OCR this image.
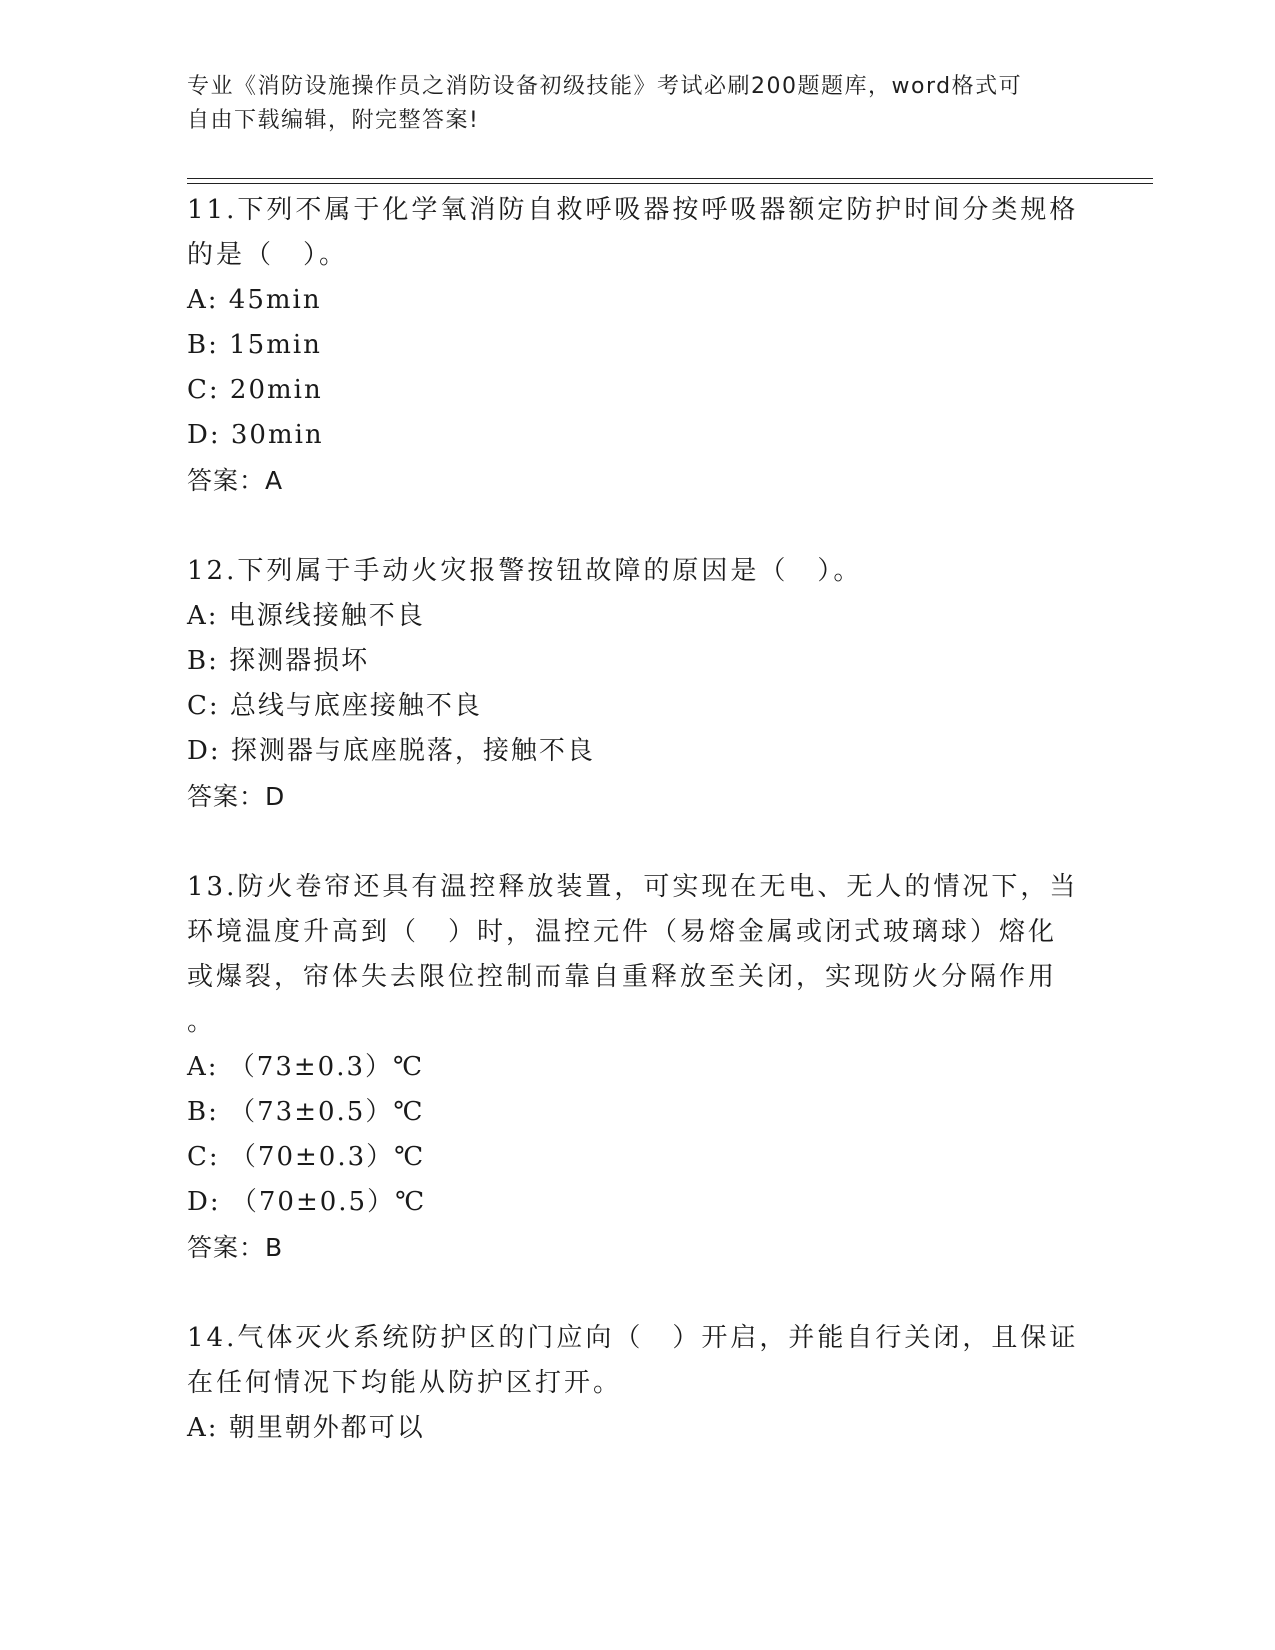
专业《消防设施操作员之消防设备初级技能》考试必刷200题题库，word格式可
自由下载编辑，附完整答案!
11.下列不属于化学氧消防自救呼吸器按呼吸器额定防护时间分类规格
的是（　）。
A: 45min
B: 15min
C: 20min
D: 30min
答案：A
12.下列属于手动火灾报警按钮故障的原因是（　）。
A: 电源线接触不良
B: 探测器损坏
C: 总线与底座接触不良
D: 探测器与底座脱落，接触不良
答案：D
13.防火卷帘还具有温控释放装置，可实现在无电、无人的情况下，当
环境温度升高到（　）时，温控元件（易熔金属或闭式玻璃球）熔化
或爆裂，帘体失去限位控制而靠自重释放至关闭，实现防火分隔作用
。
A: （73±0.3）℃
B: （73±0.5）℃
C: （70±0.3）℃
D: （70±0.5）℃
答案：B
14.气体灭火系统防护区的门应向（　）开启，并能自行关闭，且保证
在任何情况下均能从防护区打开。
A: 朝里朝外都可以
